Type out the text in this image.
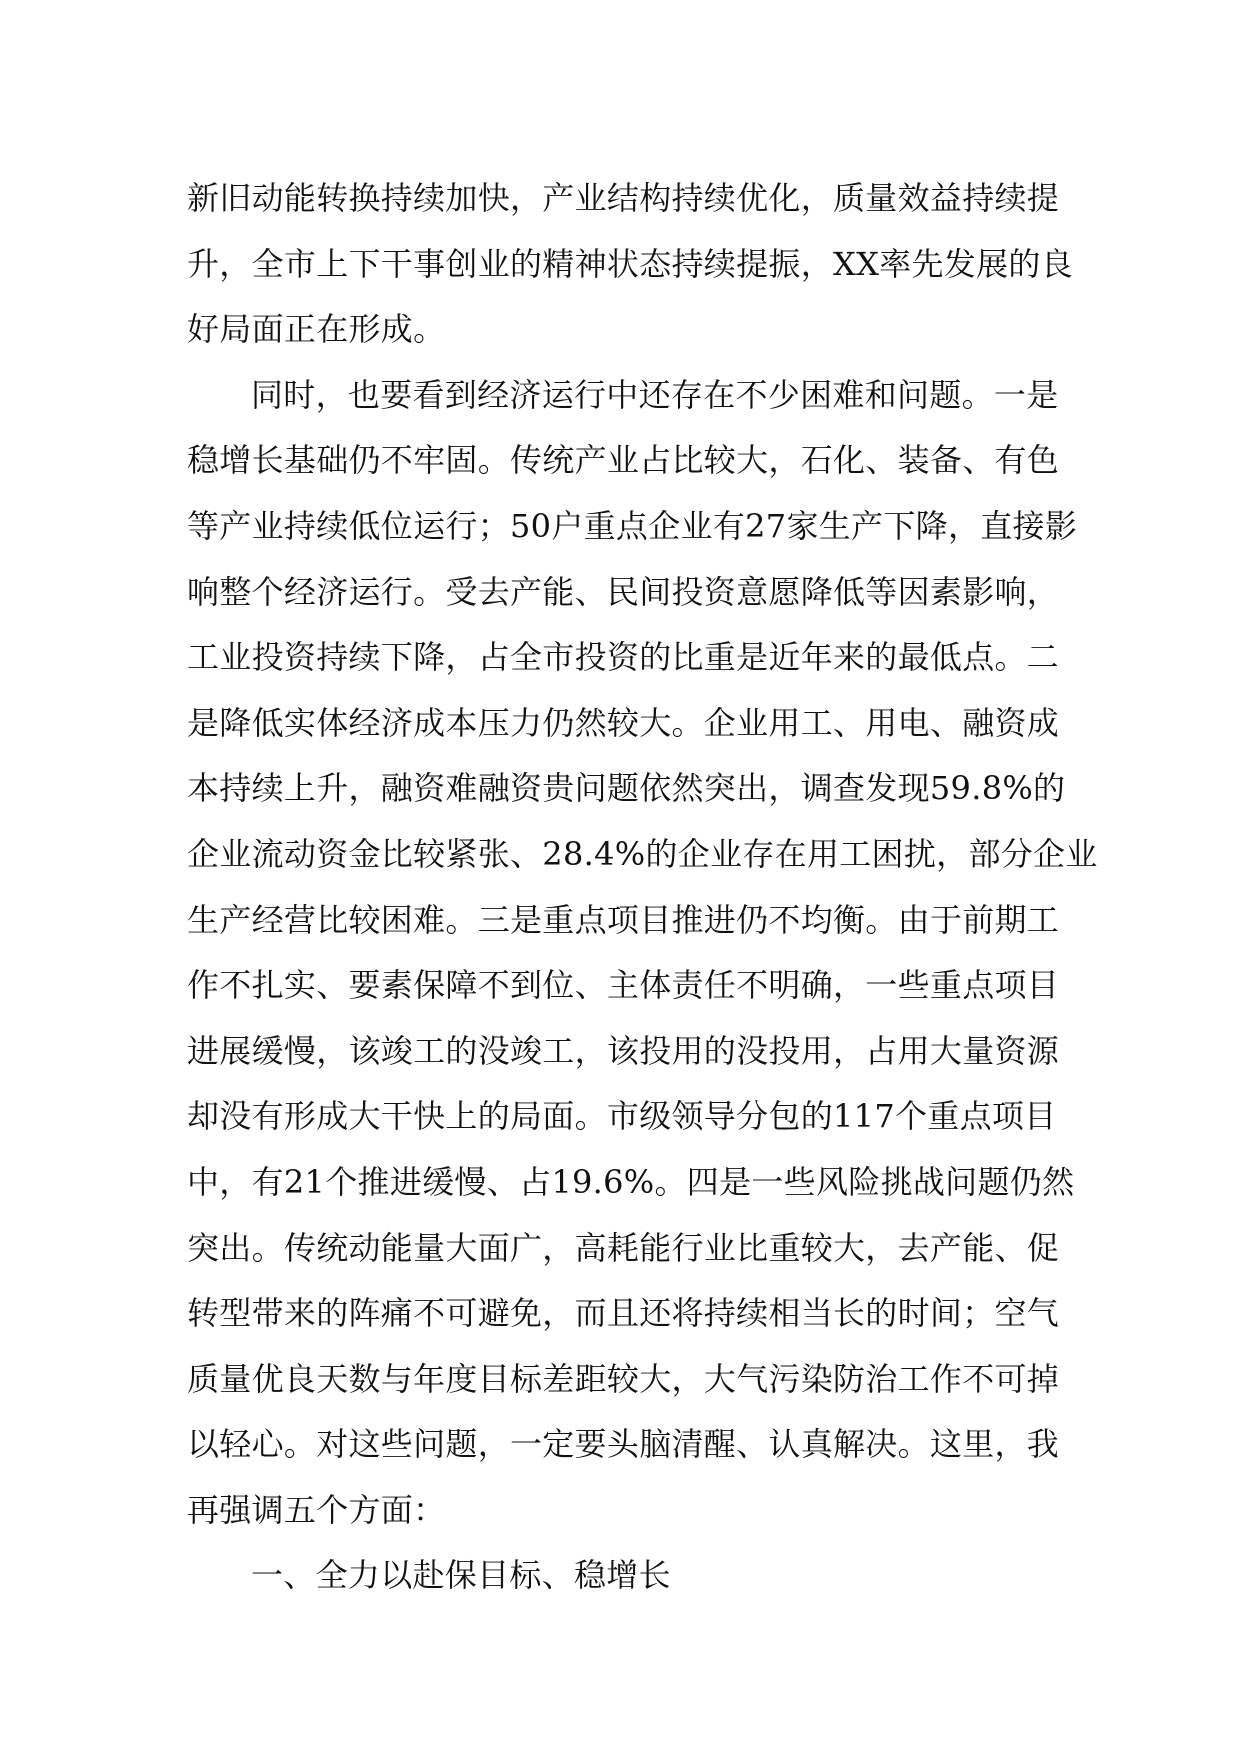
新旧动能转换持续加快，产业结构持续优化，质量效益持续提
升，全市上下干事创业的精神状态持续提振，XX率先发展的良
好局面正在形成。
同时，也要看到经济运行中还存在不少困难和问题。一是
稳增长基础仍不牢固。传统产业占比较大，石化、装备、有色
等产业持续低位运行；50户重点企业有27家生产下降，直接影
响整个经济运行。受去产能、民间投资意愿降低等因素影响，
工业投资持续下降，占全市投资的比重是近年来的最低点。二
是降低实体经济成本压力仍然较大。企业用工、用电、融资成
本持续上升，融资难融资贵问题依然突出，调查发现59.8%的
企业流动资金比较紧张、28.4%的企业存在用工困扰，部分企业
生产经营比较困难。三是重点项目推进仍不均衡。由于前期工
作不扎实、要素保障不到位、主体责任不明确，一些重点项目
进展缓慢，该竣工的没竣工，该投用的没投用，占用大量资源
却没有形成大干快上的局面。市级领导分包的117个重点项目
中，有21个推进缓慢、占19.6%。四是一些风险挑战问题仍然
突出。传统动能量大面广，高耗能行业比重较大，去产能、促
转型带来的阵痛不可避免，而且还将持续相当长的时间；空气
质量优良天数与年度目标差距较大，大气污染防治工作不可掉
以轻心。对这些问题，一定要头脑清醒、认真解决。这里，我
再强调五个方面：
一、全力以赴保目标、稳增长
